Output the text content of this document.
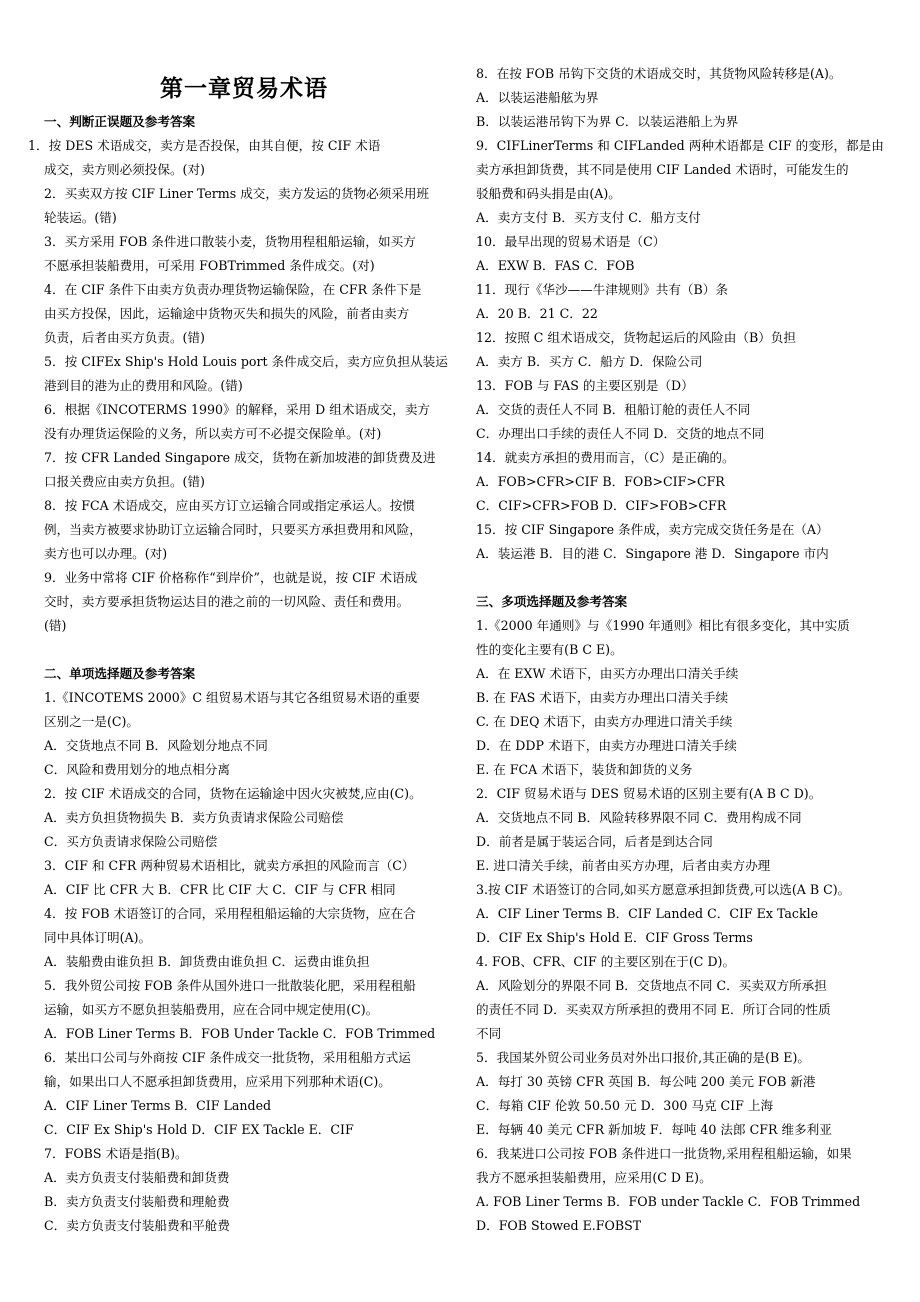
第一章贸易术语
一、判断正误题及参考答案
1．按 DES 术语成交，卖方是否投保，由其自便，按 CIF 术语
成交，卖方则必须投保。(对)
2．买卖双方按 CIF Liner Terms 成交，卖方发运的货物必须采用班
轮装运。(错)
3．买方采用 FOB 条件进口散装小麦，货物用程租船运输，如买方
不愿承担装船费用，可采用 FOBTrimmed 条件成交。(对)
4．在 CIF 条件下由卖方负责办理货物运输保险，在 CFR 条件下是
由买方投保，因此，运输途中货物灭失和损失的风险，前者由卖方
负责，后者由买方负责。(错)
5．按 CIFEx Ship's Hold Louis port 条件成交后，卖方应负担从装运
港到目的港为止的费用和风险。(错)
6．根据《INCOTERMS 1990》的解释，采用 D 组术语成交，卖方
没有办理货运保险的义务，所以卖方可不必提交保险单。(对)
7．按 CFR Landed Singapore 成交，货物在新加坡港的卸货费及进
口报关费应由卖方负担。(错)
8．按 FCA 术语成交，应由买方订立运输合同或指定承运人。按惯
例，当卖方被要求协助订立运输合同时，只要买方承担费用和风险，
卖方也可以办理。(对)
9．业务中常将 CIF 价格称作“到岸价”，也就是说，按 CIF 术语成
交时，卖方要承担货物运达目的港之前的一切风险、责任和费用。
(错)
二、单项选择题及参考答案
1.《INCOTEMS 2000》C 组贸易术语与其它各组贸易术语的重要
区别之一是(C)。
A．交货地点不同 B．风险划分地点不同
C．风险和费用划分的地点相分离
2．按 CIF 术语成交的合同，货物在运输途中因火灾被焚,应由(C)。
A．卖方负担货物损失 B．卖方负责请求保险公司赔偿
C．买方负责请求保险公司赔偿
3．CIF 和 CFR 两种贸易术语相比，就卖方承担的风险而言（C）
A．CIF 比 CFR 大 B．CFR 比 CIF 大 C．CIF 与 CFR 相同
4．按 FOB 术语签订的合同，采用程租船运输的大宗货物，应在合
同中具体订明(A)。
A．装船费由谁负担 B．卸货费由谁负担 C．运费由谁负担
5．我外贸公司按 FOB 条件从国外进口一批散装化肥，采用程租船
运输，如买方不愿负担装船费用，应在合同中规定使用(C)。
A．FOB Liner Terms B．FOB Under Tackle C．FOB Trimmed
6．某出口公司与外商按 CIF 条件成交一批货物，采用租船方式运
输，如果出口人不愿承担卸货费用，应采用下列那种术语(C)。
A．CIF Liner Terms B．CIF Landed
C．CIF Ex Ship's Hold D．CIF EX Tackle E．CIF
7．FOBS 术语是指(B)。
A．卖方负责支付装船费和卸货费
B．卖方负责支付装船费和理舱费
C．卖方负责支付装船费和平舱费
8．在按 FOB 吊钩下交货的术语成交时，其货物风险转移是(A)。
A．以装运港船舷为界
B．以装运港吊钩下为界 C．以装运港船上为界
9．CIFLinerTerms 和 CIFLanded 两种术语都是 CIF 的变形，都是由
卖方承担卸货费，其不同是使用 CIF Landed 术语时，可能发生的
驳船费和码头捐是由(A)。
A．卖方支付 B．买方支付 C．船方支付
10．最早出现的贸易术语是（C）
A．EXW B．FAS C．FOB
11．现行《华沙——牛津规则》共有（B）条
A．20 B．21 C．22
12．按照 C 组术语成交，货物起运后的风险由（B）负担
A．卖方 B．买方 C．船方 D．保险公司
13．FOB 与 FAS 的主要区别是（D）
A．交货的责任人不同 B．租船订舱的责任人不同
C．办理出口手续的责任人不同 D．交货的地点不同
14．就卖方承担的费用而言，（C）是正确的。
A．FOB>CFR>CIF B．FOB>CIF>CFR
C．CIF>CFR>FOB D．CIF>FOB>CFR
15．按 CIF Singapore 条件成，卖方完成交货任务是在（A）
A．装运港 B．目的港 C．Singapore 港 D．Singapore 市内
三、多项选择题及参考答案
1.《2000 年通则》与《1990 年通则》相比有很多变化，其中实质
性的变化主要有(B C E)。
A．在 EXW 术语下，由买方办理出口清关手续
B. 在 FAS 术语下，由卖方办理出口清关手续
C. 在 DEQ 术语下，由卖方办理进口清关手续
D．在 DDP 术语下，由卖方办理进口清关手续
E. 在 FCA 术语下，装货和卸货的义务
2．CIF 贸易术语与 DES 贸易术语的区别主要有(A B C D)。
A．交货地点不同 B．风险转移界限不同 C．费用构成不同
D．前者是属于装运合同，后者是到达合同
E. 进口清关手续，前者由买方办理，后者由卖方办理
3.按 CIF 术语签订的合同,如买方愿意承担卸货费,可以选(A B C)。
A．CIF Liner Terms B．CIF Landed C．CIF Ex Tackle
D．CIF Ex Ship's Hold E．CIF Gross Terms
4. FOB、CFR、CIF 的主要区别在于(C D)。
A．风险划分的界限不同 B．交货地点不同 C．买卖双方所承担
的责任不同 D．买卖双方所承担的费用不同 E．所订合同的性质
不同
5．我国某外贸公司业务员对外出口报价,其正确的是(B E)。
A．每打 30 英镑 CFR 英国 B．每公吨 200 美元 FOB 新港
C．每箱 CIF 伦敦 50.50 元 D．300 马克 CIF 上海
E．每辆 40 美元 CFR 新加坡 F．每吨 40 法郎 CFR 维多利亚
6．我某进口公司按 FOB 条件进口一批货物,采用程租船运输，如果
我方不愿承担装船费用，应采用(C D E)。
A. FOB Liner Terms B．FOB under Tackle C．FOB Trimmed
D．FOB Stowed E.FOBST
